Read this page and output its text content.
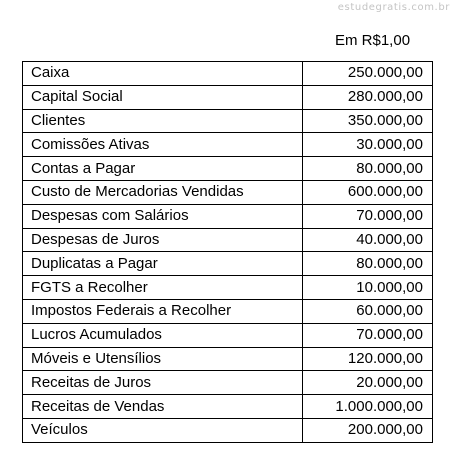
estudegratis.com.br
Em R$1,00
Caixa	250.000,00
Capital Social	280.000,00
Clientes	350.000,00
Comissões Ativas	30.000,00
Contas a Pagar	80.000,00
Custo de Mercadorias Vendidas	600.000,00
Despesas com Salários	70.000,00
Despesas de Juros	40.000,00
Duplicatas a Pagar	80.000,00
FGTS a Recolher	10.000,00
Impostos Federais a Recolher	60.000,00
Lucros Acumulados	70.000,00
Móveis e Utensílios	120.000,00
Receitas de Juros	20.000,00
Receitas de Vendas	1.000.000,00
Veículos	200.000,00
